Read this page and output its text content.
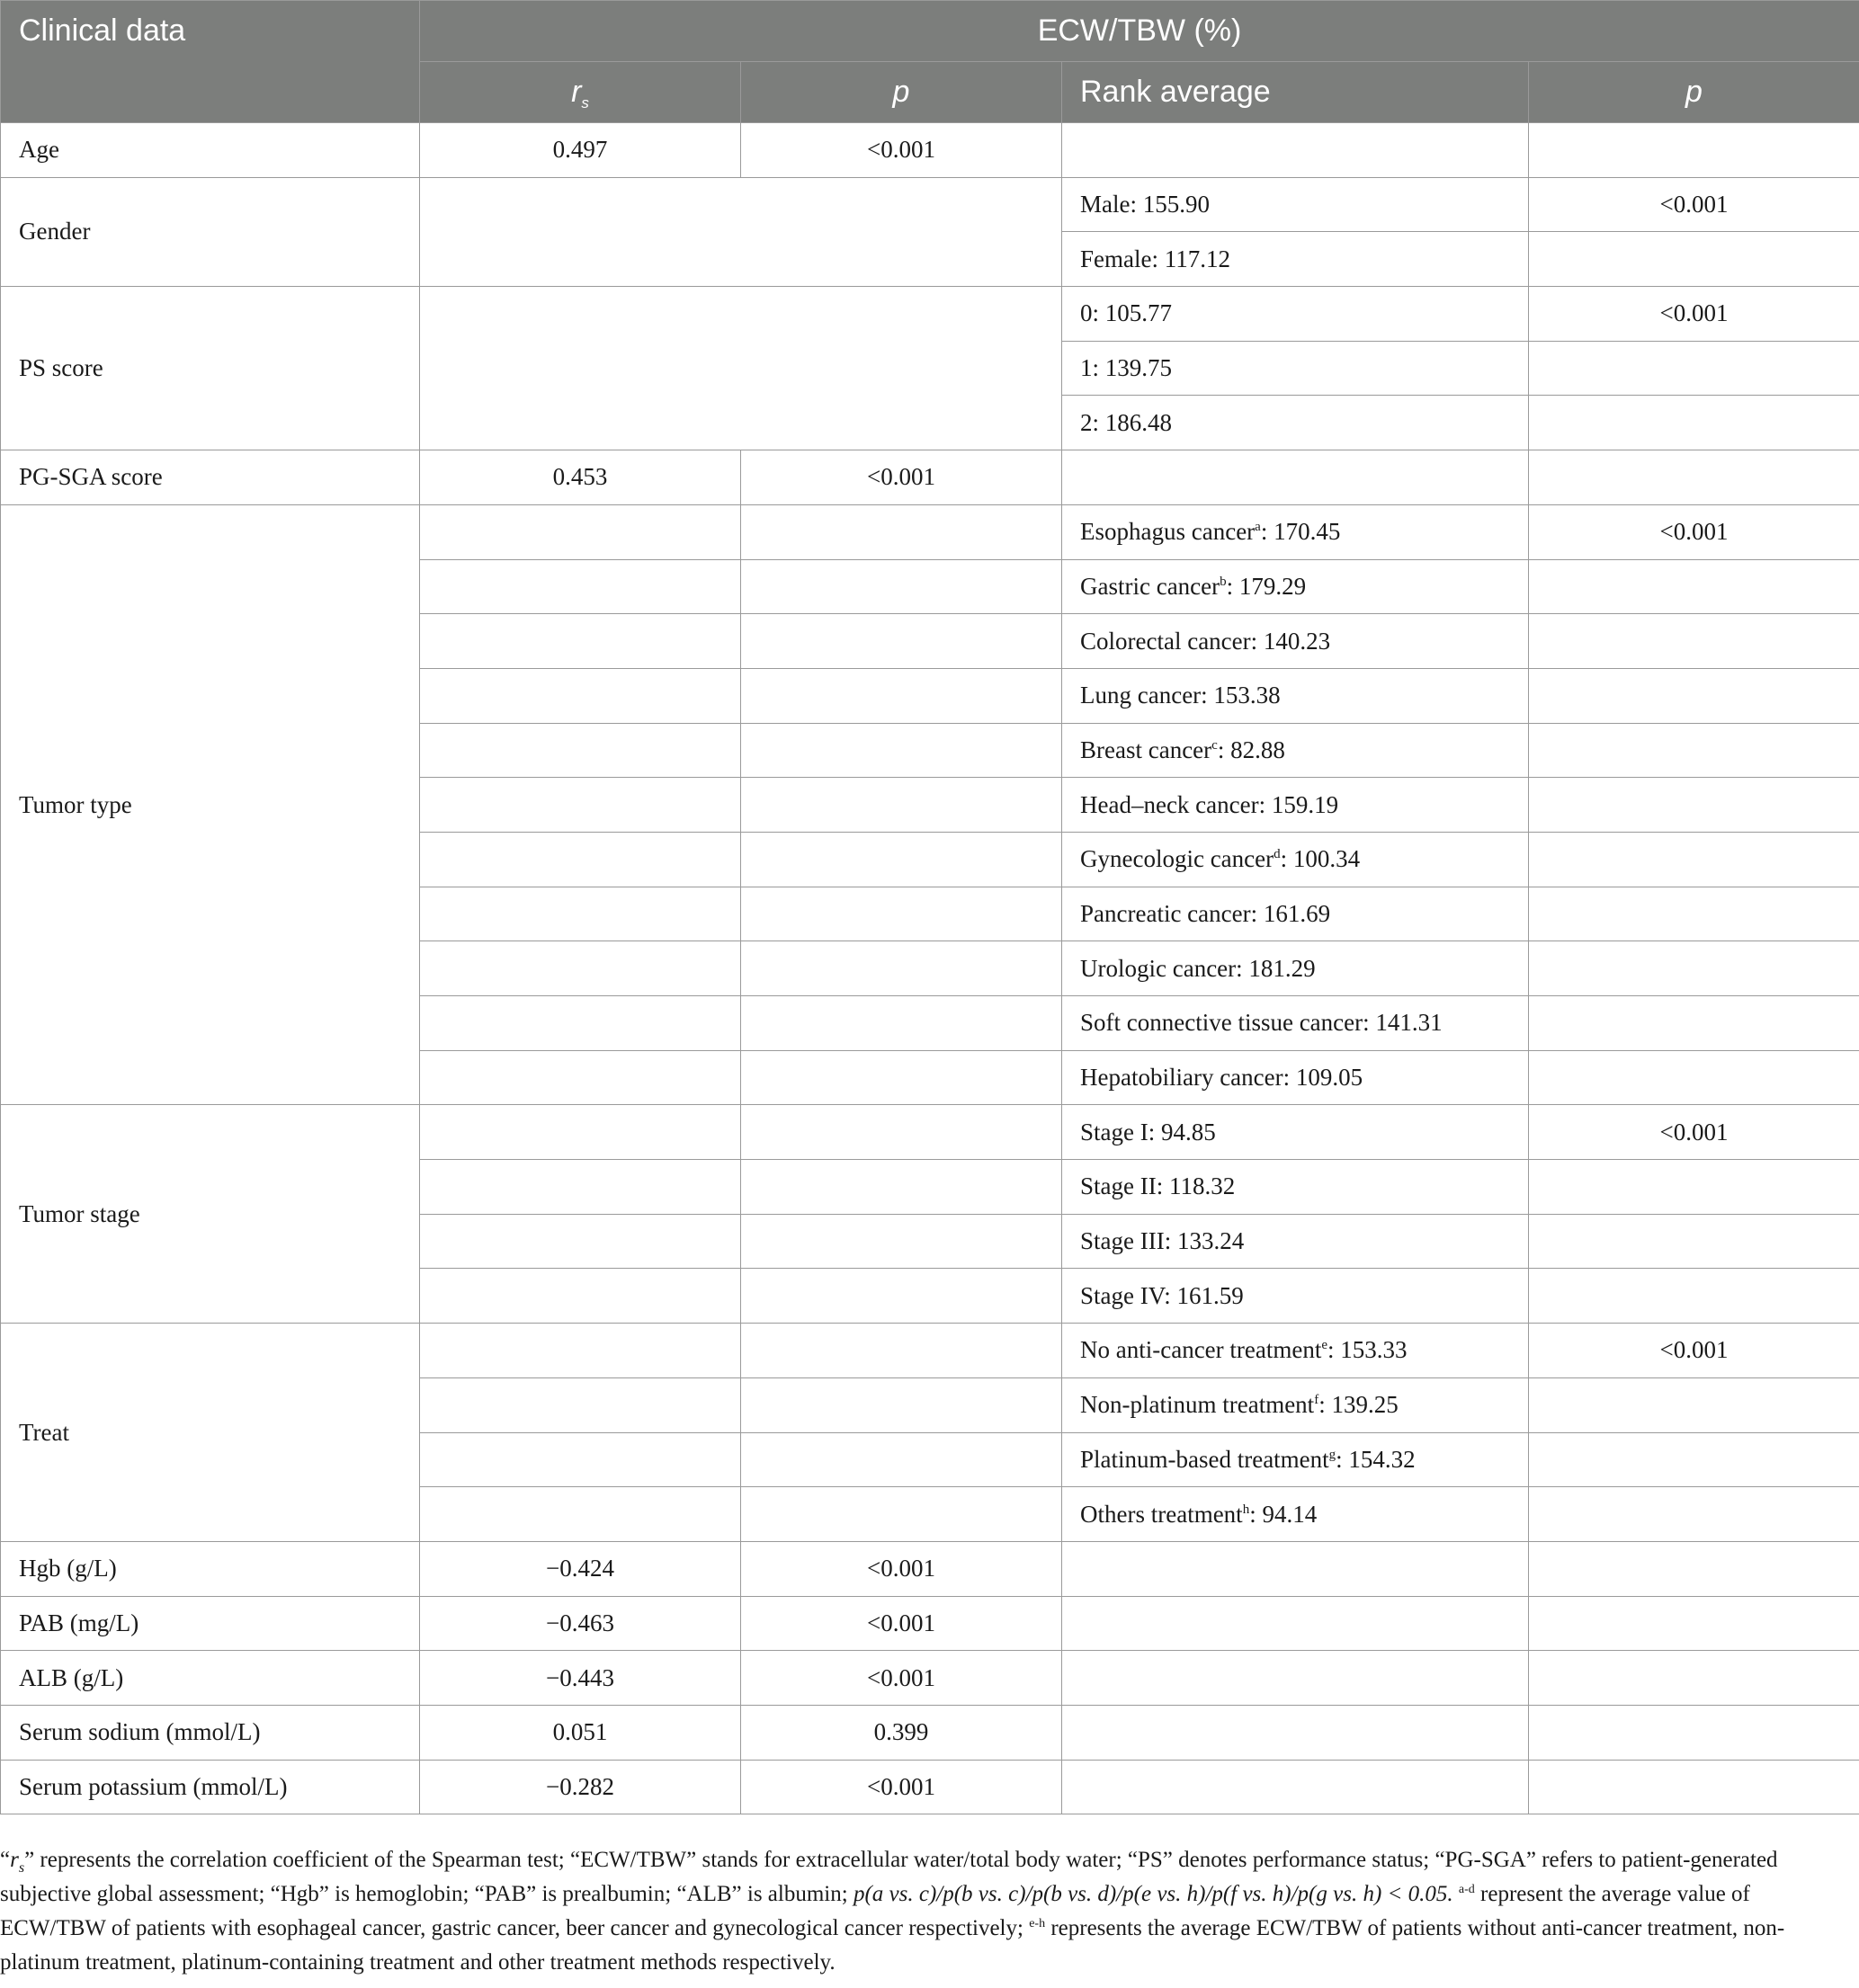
Clinical data	ECW/TBW (%)			
	$r_s$	p	Rank average	p
Age	0.497	<0.001		
Gender			Male: 155.90	<0.001
			Female: 117.12	
PS score			0: 105.77	<0.001
			1: 139.75	
			2: 186.48	
PG-SGA score	0.453	<0.001		
Tumor type			Esophagus cancer$^a$: 170.45	<0.001
			Gastric cancer$^b$: 179.29	
			Colorectal cancer: 140.23	
			Lung cancer: 153.38	
			Breast cancer$^c$: 82.88	
			Head–neck cancer: 159.19	
			Gynecologic cancer$^d$: 100.34	
			Pancreatic cancer: 161.69	
			Urologic cancer: 181.29	
			Soft connective tissue cancer: 141.31	
			Hepatobiliary cancer: 109.05	
Tumor stage			Stage I: 94.85	<0.001
			Stage II: 118.32	
			Stage III: 133.24	
			Stage IV: 161.59	
Treat			No anti-cancer treatment$^e$: 153.33	<0.001
			Non-platinum treatment$^f$: 139.25	
			Platinum-based treatment$^g$: 154.32	
			Others treatment$^h$: 94.14	
Hgb (g/L)	−0.424	<0.001		
PAB (mg/L)	−0.463	<0.001		
ALB (g/L)	−0.443	<0.001		
Serum sodium (mmol/L)	0.051	0.399		
Serum potassium (mmol/L)	−0.282	<0.001		
“$r_s$” represents the correlation coefficient of the Spearman test; “ECW/TBW” stands for extracellular water/total body water; “PS” denotes performance status; “PG-SGA” refers to patient-generated subjective global assessment; “Hgb” is hemoglobin; “PAB” is prealbumin; “ALB” is albumin; p(a vs. c)/p(b vs. c)/p(b vs. d)/p(e vs. h)/p(f vs. h)/p(g vs. h) < 0.05. $^{a-d}$ represent the average value of ECW/TBW of patients with esophageal cancer, gastric cancer, beer cancer and gynecological cancer respectively; $^{e-h}$ represents the average ECW/TBW of patients without anti-cancer treatment, non-platinum treatment, platinum-containing treatment and other treatment methods respectively.
